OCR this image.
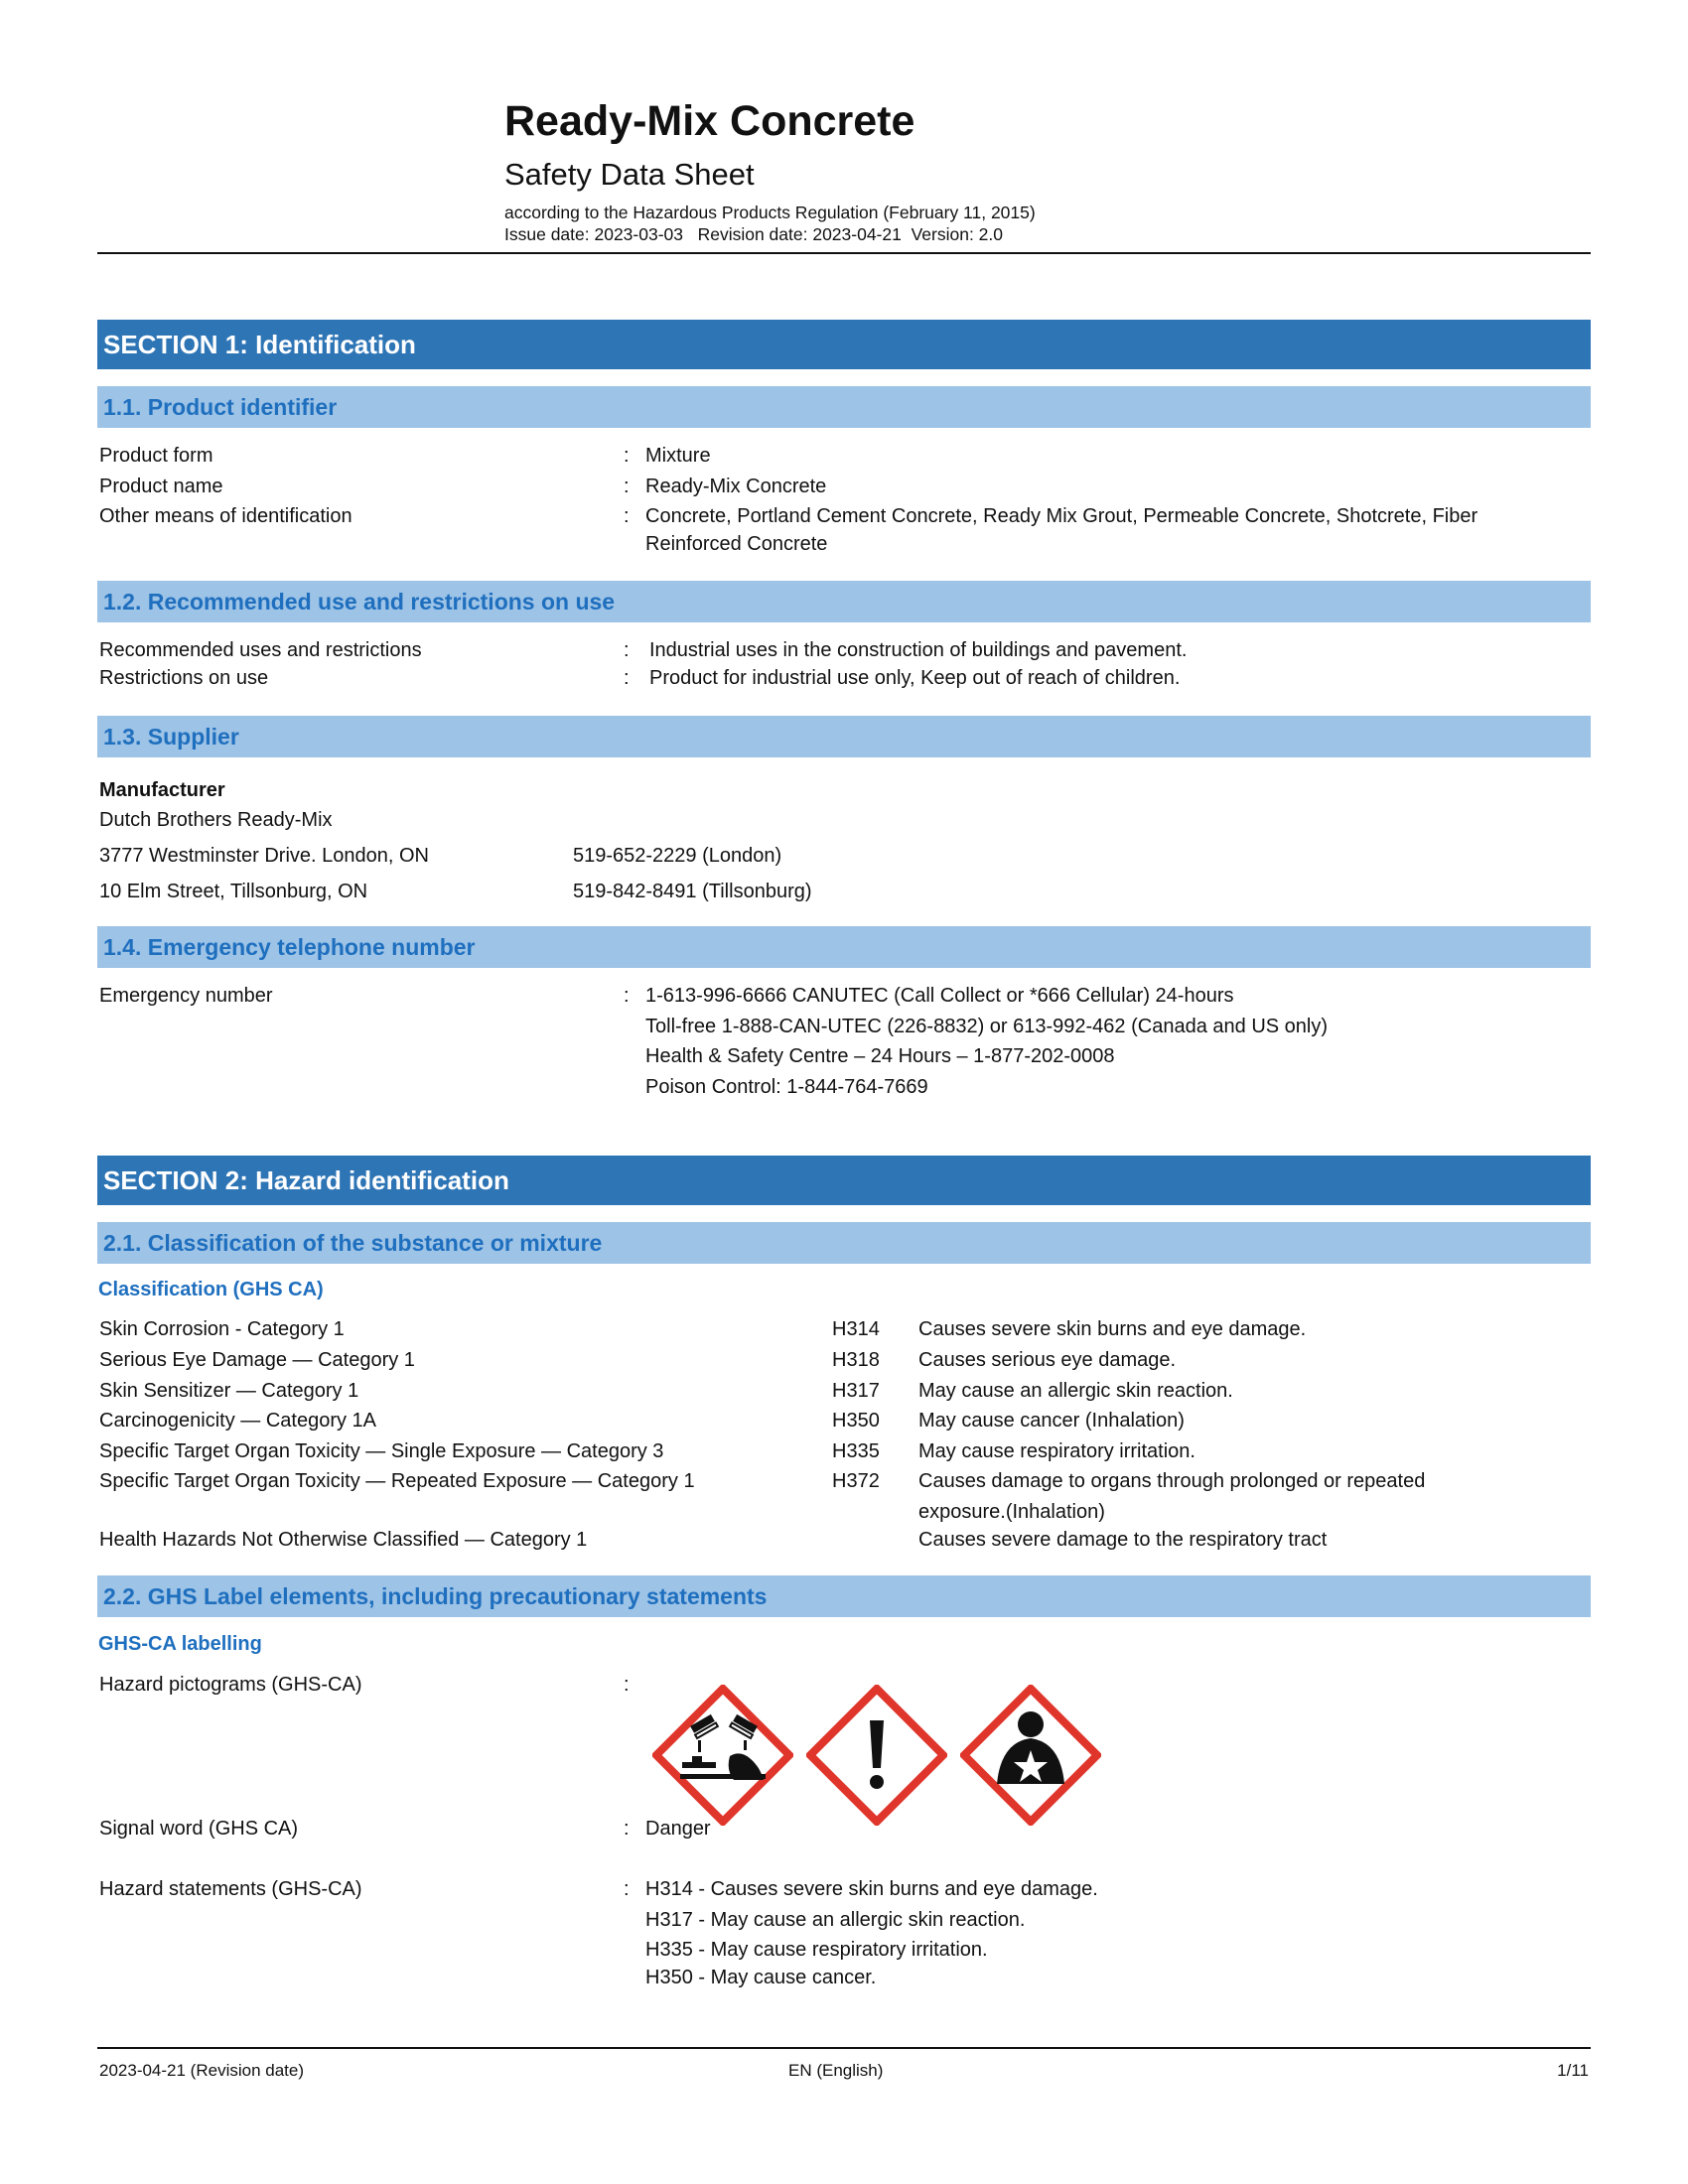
Ready-Mix Concrete
Safety Data Sheet
according to the Hazardous Products Regulation (February 11, 2015)
Issue date: 2023-03-03   Revision date: 2023-04-21  Version: 2.0
SECTION 1: Identification
1.1. Product identifier
Product form	: Mixture
Product name	: Ready-Mix Concrete
Other means of identification	: Concrete, Portland Cement Concrete, Ready Mix Grout, Permeable Concrete, Shotcrete, Fiber
Reinforced Concrete
1.2. Recommended use and restrictions on use
Recommended uses and restrictions	: Industrial uses in the construction of buildings and pavement.
Restrictions on use	: Product for industrial use only, Keep out of reach of children.
1.3. Supplier
Manufacturer
Dutch Brothers Ready-Mix
3777 Westminster Drive. London, ON	519-652-2229 (London)
10 Elm Street, Tillsonburg, ON	519-842-8491 (Tillsonburg)
1.4. Emergency telephone number
Emergency number	: 1-613-996-6666 CANUTEC (Call Collect or *666 Cellular) 24-hours
Toll-free 1-888-CAN-UTEC (226-8832) or 613-992-462 (Canada and US only)
Health & Safety Centre – 24 Hours – 1-877-202-0008
Poison Control: 1-844-764-7669
SECTION 2: Hazard identification
2.1. Classification of the substance or mixture
Classification (GHS CA)
Skin Corrosion - Category 1	H314 Causes severe skin burns and eye damage.
Serious Eye Damage — Category 1	H318 Causes serious eye damage.
Skin Sensitizer — Category 1	H317 May cause an allergic skin reaction.
Carcinogenicity — Category 1A	H350 May cause cancer (Inhalation)
Specific Target Organ Toxicity — Single Exposure — Category 3	H335 May cause respiratory irritation.
Specific Target Organ Toxicity — Repeated Exposure — Category 1	H372 Causes damage to organs through prolonged or repeated
exposure.(Inhalation)
Health Hazards Not Otherwise Classified — Category 1	Causes severe damage to the respiratory tract
2.2. GHS Label elements, including precautionary statements
GHS-CA labelling
Hazard pictograms (GHS-CA)	:
Signal word (GHS CA)	: Danger
Hazard statements (GHS-CA)	: H314 - Causes severe skin burns and eye damage.
H317 - May cause an allergic skin reaction.
H335 - May cause respiratory irritation.
H350 - May cause cancer.
2023-04-21 (Revision date)	EN (English)	1/11
